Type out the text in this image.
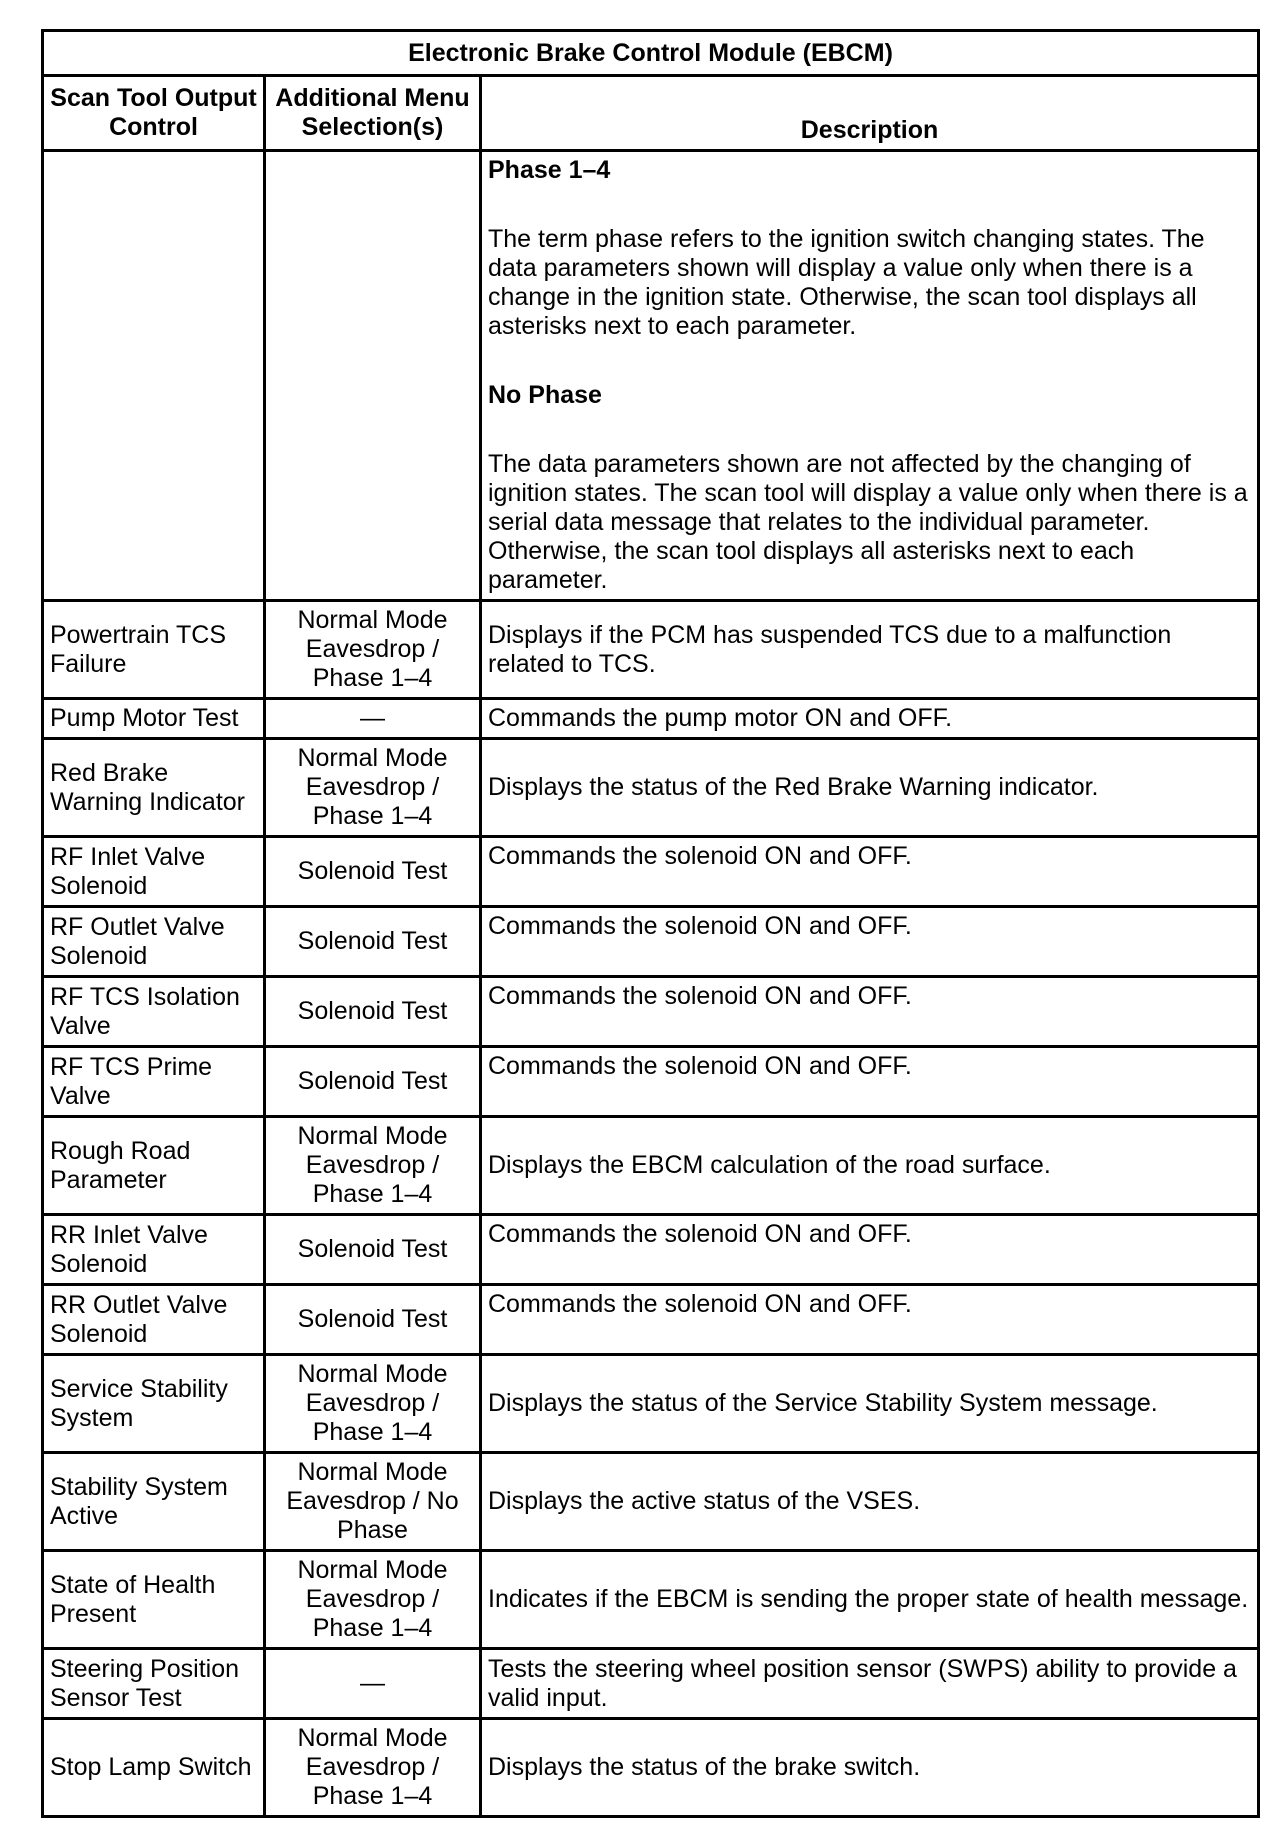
Electronic Brake Control Module (EBCM)		
Scan Tool Output Control	Additional Menu Selection(s)	Description

		Phase 1–4
The term phase refers to the ignition switch changing states. The data parameters shown will display a value only when there is a change in the ignition state. Otherwise, the scan tool displays all asterisks next to each parameter.
No Phase
The data parameters shown are not affected by the changing of ignition states. The scan tool will display a value only when there is a serial data message that relates to the individual parameter. Otherwise, the scan tool displays all asterisks next to each parameter.

Powertrain TCS Failure	Normal Mode Eavesdrop / Phase 1–4	Displays if the PCM has suspended TCS due to a malfunction related to TCS.
Pump Motor Test	—	Commands the pump motor ON and OFF.
Red Brake Warning Indicator	Normal Mode Eavesdrop / Phase 1–4	Displays the status of the Red Brake Warning indicator.
RF Inlet Valve Solenoid	Solenoid Test	Commands the solenoid ON and OFF.
RF Outlet Valve Solenoid	Solenoid Test	Commands the solenoid ON and OFF.
RF TCS Isolation Valve	Solenoid Test	Commands the solenoid ON and OFF.
RF TCS Prime Valve	Solenoid Test	Commands the solenoid ON and OFF.
Rough Road Parameter	Normal Mode Eavesdrop / Phase 1–4	Displays the EBCM calculation of the road surface.
RR Inlet Valve Solenoid	Solenoid Test	Commands the solenoid ON and OFF.
RR Outlet Valve Solenoid	Solenoid Test	Commands the solenoid ON and OFF.
Service Stability System	Normal Mode Eavesdrop / Phase 1–4	Displays the status of the Service Stability System message.
Stability System Active	Normal Mode Eavesdrop / No Phase	Displays the active status of the VSES.
State of Health Present	Normal Mode Eavesdrop / Phase 1–4	Indicates if the EBCM is sending the proper state of health message.
Steering Position Sensor Test	—	Tests the steering wheel position sensor (SWPS) ability to provide a valid input.
Stop Lamp Switch	Normal Mode Eavesdrop / Phase 1–4	Displays the status of the brake switch.
